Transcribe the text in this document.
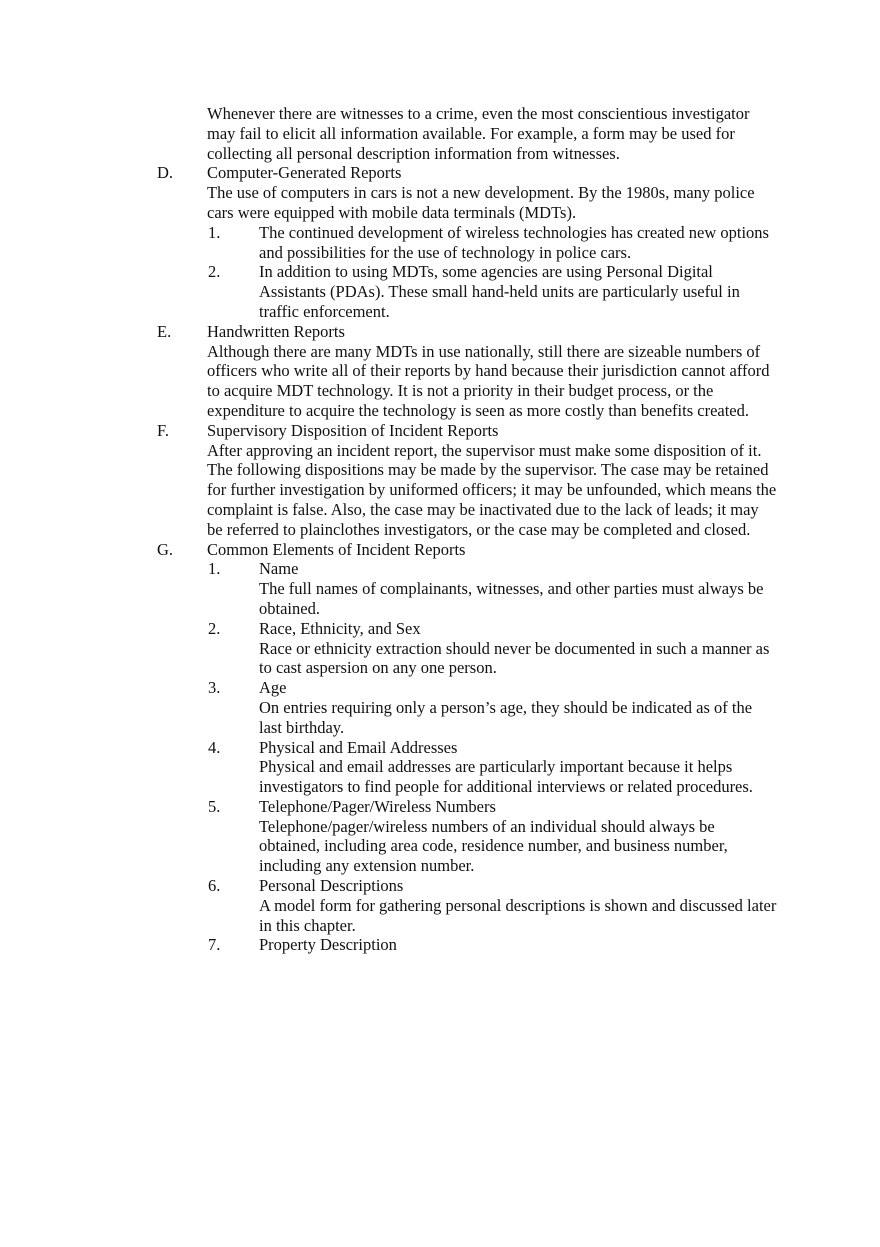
Whenever there are witnesses to a crime, even the most conscientious investigator may fail to elicit all information available. For example, a form may be used for collecting all personal description information from witnesses.

D.	Computer-Generated Reports

The use of computers in cars is not a new development. By the 1980s, many police cars were equipped with mobile data terminals (MDTs).

1.	The continued development of wireless technologies has created new options and possibilities for the use of technology in police cars.

2.	In addition to using MDTs, some agencies are using Personal Digital Assistants (PDAs). These small hand-held units are particularly useful in traffic enforcement.

E.	Handwritten Reports

Although there are many MDTs in use nationally, still there are sizeable numbers of officers who write all of their reports by hand because their jurisdiction cannot afford to acquire MDT technology. It is not a priority in their budget process, or the expenditure to acquire the technology is seen as more costly than benefits created.

F.	Supervisory Disposition of Incident Reports

After approving an incident report, the supervisor must make some disposition of it. The following dispositions may be made by the supervisor. The case may be retained for further investigation by uniformed officers; it may be unfounded, which means the complaint is false. Also, the case may be inactivated due to the lack of leads; it may be referred to plainclothes investigators, or the case may be completed and closed.

G.	Common Elements of Incident Reports

1.	Name

The full names of complainants, witnesses, and other parties must always be obtained.

2.	Race, Ethnicity, and Sex

Race or ethnicity extraction should never be documented in such a manner as to cast aspersion on any one person.

3.	Age

On entries requiring only a person’s age, they should be indicated as of the last birthday.

4.	Physical and Email Addresses

Physical and email addresses are particularly important because it helps investigators to find people for additional interviews or related procedures.

5.	Telephone/Pager/Wireless Numbers

Telephone/pager/wireless numbers of an individual should always be obtained, including area code, residence number, and business number, including any extension number.

6.	Personal Descriptions

A model form for gathering personal descriptions is shown and discussed later in this chapter.

7.	Property Description
